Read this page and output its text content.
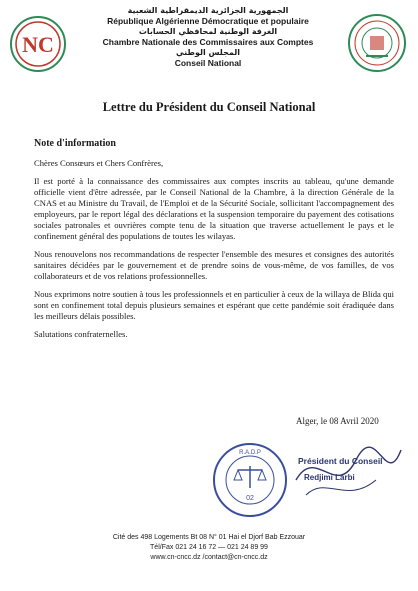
NC
الجمهورية الجزائرية الديمقراطية الشعبية
République Algérienne Démocratique et populaire
الغرفة الوطنية لمحافظي الحسابات
Chambre Nationale des Commissaires aux Comptes
المجلس الوطني
Conseil National
Lettre du Président du Conseil National
Note d'information

Chères Consœurs et Chers Confrères,

Il est porté à la connaissance des commissaires aux comptes inscrits au tableau, qu'une demande officielle vient d'être adressée, par le Conseil National de la Chambre, à la direction Générale de la CNAS et au Ministre du Travail, de l'Emploi et de la Sécurité Sociale, sollicitant l'accompagnement des employeurs, par le report légal des déclarations et la suspension temporaire du payement des cotisations sociales patronales et ouvrières compte tenu de la situation que traverse actuellement le pays et le confinement général des populations de toutes les wilayas.

Nous renouvelons nos recommandations de respecter l'ensemble des mesures et consignes des autorités sanitaires décidées par le gouvernement et de prendre soins de vous-même, de vos familles, de vos collaborateurs et de vos relations professionnelles.

Nous exprimons notre soutien à tous les professionnels et en particulier à ceux de la willaya de Blida qui sont en confinement total depuis plusieurs semaines et espérant que cette pandémie soit éradiquée dans les meilleurs délais possibles.

Salutations confraternelles.

Alger, le 08 Avril 2020
R.A.D.P
02
Président du Conseil
Redjimi Larbi
Cité des 498 Logements Bt 08 N° 01 Hai el Djorf Bab Ezzouar
Tél/Fax 021 24 16 72 — 021 24 89 99
www.cn-cncc.dz /contact@cn-cncc.dz
